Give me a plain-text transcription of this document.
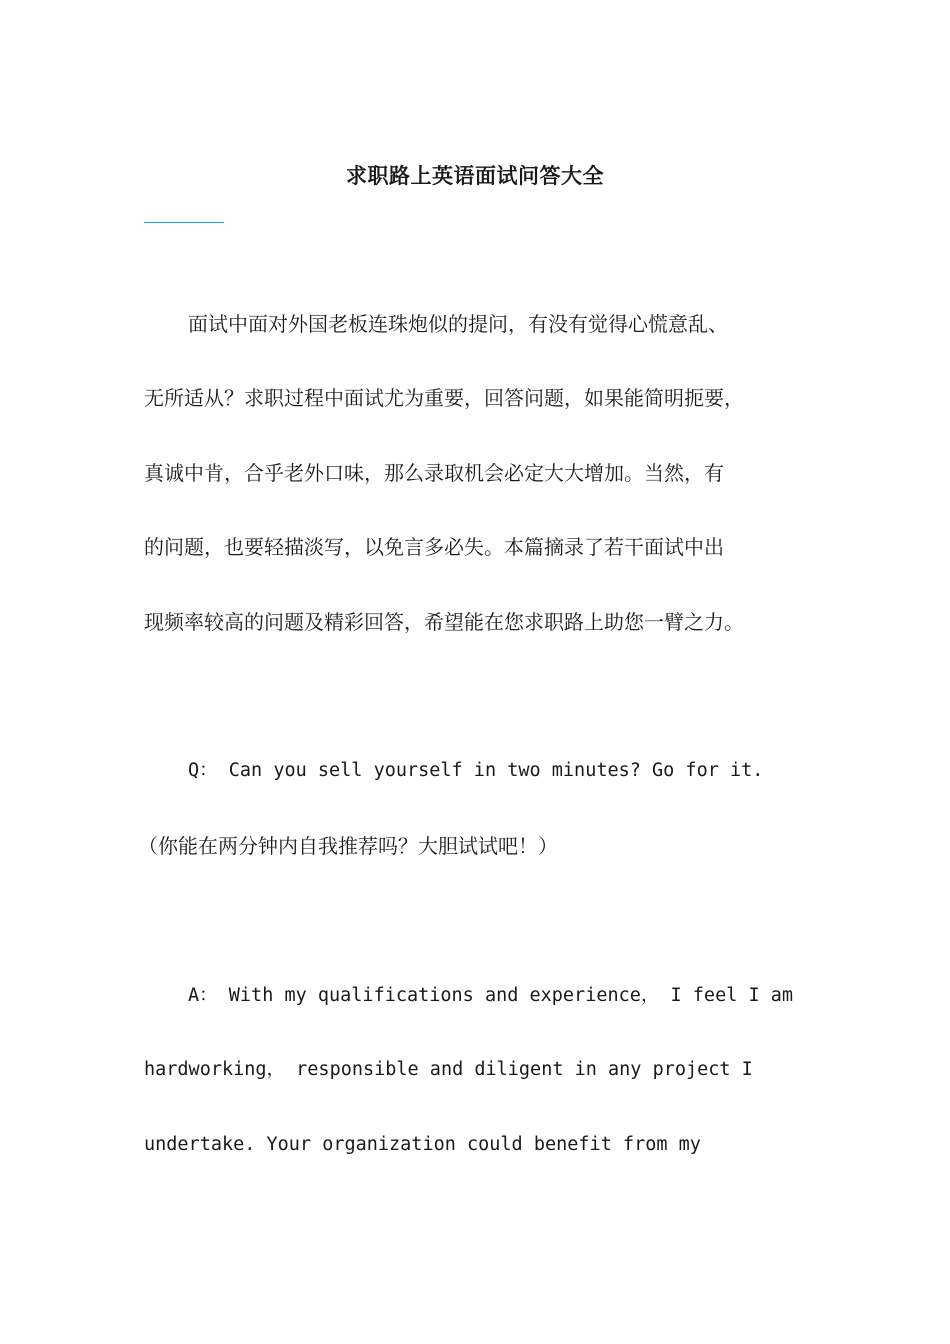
求职路上英语面试问答大全
面试中面对外国老板连珠炮似的提问，有没有觉得心慌意乱、
无所适从？求职过程中面试尤为重要，回答问题，如果能简明扼要，
真诚中肯，合乎老外口味，那么录取机会必定大大增加。当然，有
的问题，也要轻描淡写，以免言多必失。本篇摘录了若干面试中出
现频率较高的问题及精彩回答，希望能在您求职路上助您一臂之力。
Q： Can you sell yourself in two minutes? Go for it.
（你能在两分钟内自我推荐吗？大胆试试吧！）
A： With my qualifications and experience， I feel I am
hardworking， responsible and diligent in any project I
undertake. Your organization could benefit from my
